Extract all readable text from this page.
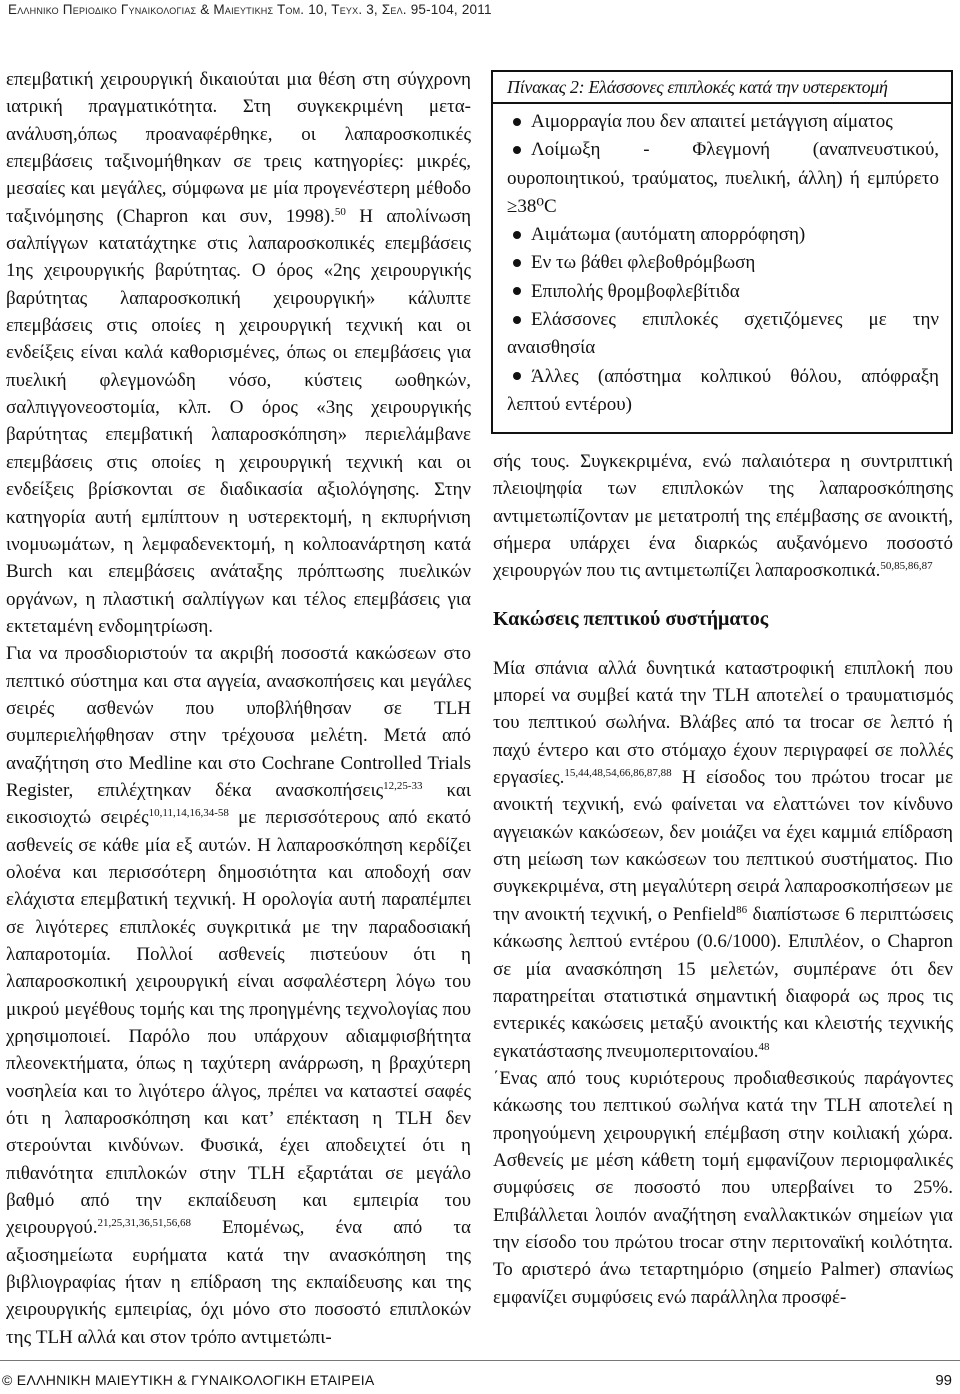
Ελληνικο Περιοδικο Γυναικολογιας & Μαιευτικης Τομ. 10, Τευχ. 3, Σελ. 95-104, 2011

επεμβατική χειρουργική δικαιούται μια θέση στη σύγχρονη ιατρική πραγματικότητα. Στη συγκεκριμένη μετα-ανάλυση,όπως προαναφέρθηκε, οι λαπαροσκοπικές επεμβάσεις ταξινομήθηκαν σε τρεις κατηγορίες: μικρές, μεσαίες και μεγάλες, σύμφωνα με μία προγενέστερη μέθοδο ταξινόμησης (Chapron και συν, 1998).$^{50}$ Η απολίνωση σαλπίγγων κατατάχτηκε στις λαπαροσκοπικές επεμβάσεις 1ης χειρουργικής βαρύτητας. Ο όρος «2ης χειρουργικής βαρύτητας λαπαροσκοπική χειρουργική» κάλυπτε επεμβάσεις στις οποίες η χειρουργική τεχνική και οι ενδείξεις είναι καλά καθορισμένες, όπως οι επεμβάσεις για πυελική φλεγμονώδη νόσο, κύστεις ωοθηκών, σαλπιγγονεοστομία, κλπ. Ο όρος «3ης χειρουργικής βαρύτητας επεμβατική λαπαροσκόπηση» περιελάμβανε επεμβάσεις στις οποίες η χειρουργική τεχνική και οι ενδείξεις βρίσκονται σε διαδικασία αξιολόγησης. Στην κατηγορία αυτή εμπίπτουν η υστερεκτομή, η εκπυρήνιση ινομυωμάτων, η λεμφαδενεκτομή, η κολποανάρτηση κατά Burch και επεμβάσεις ανάταξης πρόπτωσης πυελικών οργάνων, η πλαστική σαλπίγγων και τέλος επεμβάσεις για εκτεταμένη ενδομητρίωση.

Για να προσδιοριστούν τα ακριβή ποσοστά κακώσεων στο πεπτικό σύστημα και στα αγγεία, ανασκοπήσεις και μεγάλες σειρές ασθενών που υποβλήθησαν σε TLH συμπεριελήφθησαν στην τρέχουσα μελέτη. Μετά από αναζήτηση στο Medline και στο Cochrane Controlled Trials Register, επιλέχτηκαν δέκα ανασκοπήσεις$^{12,25-33}$ και εικοσιοχτώ σειρές$^{10,11,14,16,34-58}$ με περισσότερους από εκατό ασθενείς σε κάθε μία εξ αυτών. Η λαπαροσκόπηση κερδίζει ολοένα και περισσότερη δημοσιότητα και αποδοχή σαν ελάχιστα επεμβατική τεχνική. Η ορολογία αυτή παραπέμπει σε λιγότερες επιπλοκές συγκριτικά με την παραδοσιακή λαπαροτομία. Πολλοί ασθενείς πιστεύουν ότι η λαπαροσκοπική χειρουργική είναι ασφαλέστερη λόγω του μικρού μεγέθους τομής και της προηγμένης τεχνολογίας που χρησιμοποιεί. Παρόλο που υπάρχουν αδιαμφισβήτητα πλεονεκτήματα, όπως η ταχύτερη ανάρρωση, η βραχύτερη νοσηλεία και το λιγότερο άλγος, πρέπει να καταστεί σαφές ότι η λαπαροσκόπηση και κατ’ επέκταση η TLH δεν στερούνται κινδύνων. Φυσικά, έχει αποδειχτεί ότι η πιθανότητα επιπλοκών στην TLH εξαρτάται σε μεγάλο βαθμό από την εκπαίδευση και εμπειρία του χειρουργού.$^{21,25,31,36,51,56,68}$ Επομένως, ένα από τα αξιοσημείωτα ευρήματα κατά την ανασκόπηση της βιβλιογραφίας ήταν η επίδραση της εκπαίδευσης και της χειρουργικής εμπειρίας, όχι μόνο στο ποσοστό επιπλοκών της TLH αλλά και στον τρόπο αντιμετώπι-

Πίνακας 2: Ελάσσονες επιπλοκές κατά την υστερεκτομή
Αιμορραγία που δεν απαιτεί μετάγγιση αίματος
Λοίμωξη - Φλεγμονή (αναπνευστικού, ουροποιητικού, τραύματος, πυελική, άλλη) ή εμπύρετο ≥38⁰C
Αιμάτωμα (αυτόματη απορρόφηση)
Εν τω βάθει φλεβοθρόμβωση
Επιπολής θρομβοφλεβίτιδα
Ελάσσονες επιπλοκές σχετιζόμενες με την αναισθησία
Άλλες (απόστημα κολπικού θόλου, απόφραξη λεπτού εντέρου)

σής τους. Συγκεκριμένα, ενώ παλαιότερα η συντριπτική πλειοψηφία των επιπλοκών της λαπαροσκόπησης αντιμετωπίζονταν με μετατροπή της επέμβασης σε ανοικτή, σήμερα υπάρχει ένα διαρκώς αυξανόμενο ποσοστό χειρουργών που τις αντιμετωπίζει λαπαροσκοπικά.$^{50,85,86,87}$

Κακώσεις πεπτικού συστήματος

Μία σπάνια αλλά δυνητικά καταστροφική επιπλοκή που μπορεί να συμβεί κατά την TLH αποτελεί ο τραυματισμός του πεπτικού σωλήνα. Βλάβες από τα trocar σε λεπτό ή παχύ έντερο και στο στόμαχο έχουν περιγραφεί σε πολλές εργασίες.$^{15,44,48,54,66,86,87,88}$ Η είσοδος του πρώτου trocar με ανοικτή τεχνική, ενώ φαίνεται να ελαττώνει τον κίνδυνο αγγειακών κακώσεων, δεν μοιάζει να έχει καμμιά επίδραση στη μείωση των κακώσεων του πεπτικού συστήματος. Πιο συγκεκριμένα, στη μεγαλύτερη σειρά λαπαροσκοπήσεων με την ανοικτή τεχνική, ο Penfield$^{86}$ διαπίστωσε 6 περιπτώσεις κάκωσης λεπτού εντέρου (0.6/1000). Επιπλέον, ο Chapron σε μία ανασκόπηση 15 μελετών, συμπέρανε ότι δεν παρατηρείται στατιστικά σημαντική διαφορά ως προς τις εντερικές κακώσεις μεταξύ ανοικτής και κλειστής τεχνικής εγκατάστασης πνευμοπεριτοναίου.$^{48}$

΄Ενας από τους κυριότερους προδιαθεσικούς παράγοντες κάκωσης του πεπτικού σωλήνα κατά την TLH αποτελεί η προηγούμενη χειρουργική επέμβαση στην κοιλιακή χώρα. Ασθενείς με μέση κάθετη τομή εμφανίζουν περιομφαλικές συμφύσεις σε ποσοστό που υπερβαίνει το 25%. Επιβάλλεται λοιπόν αναζήτηση εναλλακτικών σημείων για την είσοδο του πρώτου trocar στην περιτοναϊκή κοιλότητα. Το αριστερό άνω τεταρτημόριο (σημείο Palmer) σπανίως εμφανίζει συμφύσεις ενώ παράλληλα προσφέ-

© ΕΛΛΗΝΙΚΗ ΜΑΙΕΥΤΙΚΗ & ΓΥΝΑΙΚΟΛΟΓΙΚΗ ΕΤΑΙΡΕΙΑ	99
